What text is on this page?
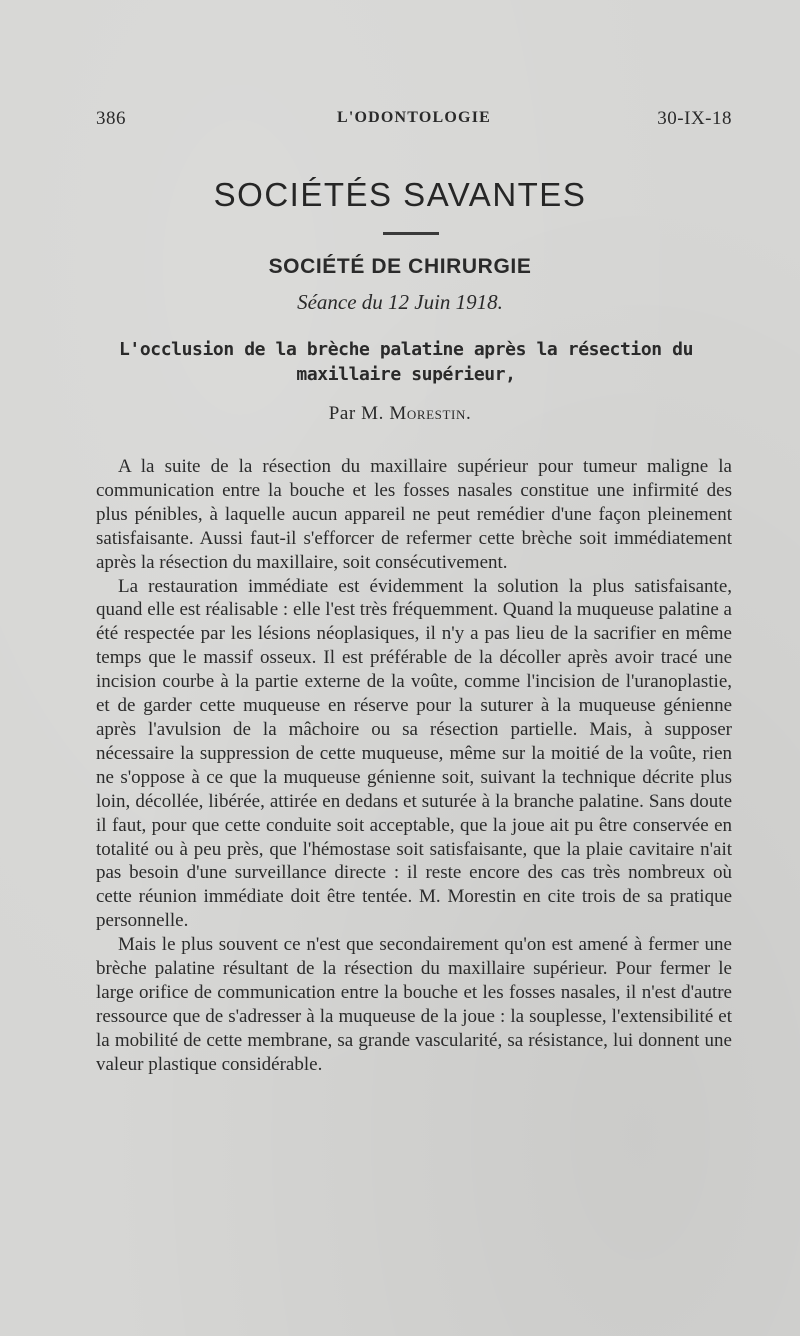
386	L'ODONTOLOGIE	30-IX-18
SOCIÉTÉS SAVANTES
SOCIÉTÉ DE CHIRURGIE
Séance du 12 Juin 1918.
L'occlusion de la brèche palatine après la résection du maxillaire supérieur,
Par M. Morestin.

A la suite de la résection du maxillaire supérieur pour tumeur maligne la communication entre la bouche et les fosses nasales constitue une infirmité des plus pénibles, à laquelle aucun appareil ne peut remédier d'une façon pleinement satisfaisante. Aussi faut-il s'efforcer de refermer cette brèche soit immédiatement après la résection du maxillaire, soit consécutivement.

La restauration immédiate est évidemment la solution la plus satisfaisante, quand elle est réalisable : elle l'est très fréquemment. Quand la muqueuse palatine a été respectée par les lésions néoplasiques, il n'y a pas lieu de la sacrifier en même temps que le massif osseux. Il est préférable de la décoller après avoir tracé une incision courbe à la partie externe de la voûte, comme l'incision de l'uranoplastie, et de garder cette muqueuse en réserve pour la suturer à la muqueuse génienne après l'avulsion de la mâchoire ou sa résection partielle. Mais, à supposer nécessaire la suppression de cette muqueuse, même sur la moitié de la voûte, rien ne s'oppose à ce que la muqueuse génienne soit, suivant la technique décrite plus loin, décollée, libérée, attirée en dedans et suturée à la branche palatine. Sans doute il faut, pour que cette conduite soit acceptable, que la joue ait pu être conservée en totalité ou à peu près, que l'hémostase soit satisfaisante, que la plaie cavitaire n'ait pas besoin d'une surveillance directe : il reste encore des cas très nombreux où cette réunion immédiate doit être tentée. M. Morestin en cite trois de sa pratique personnelle.

Mais le plus souvent ce n'est que secondairement qu'on est amené à fermer une brèche palatine résultant de la résection du maxillaire supérieur. Pour fermer le large orifice de communication entre la bouche et les fosses nasales, il n'est d'autre ressource que de s'adresser à la muqueuse de la joue : la souplesse, l'extensibilité et la mobilité de cette membrane, sa grande vascularité, sa résistance, lui donnent une valeur plastique considérable.
